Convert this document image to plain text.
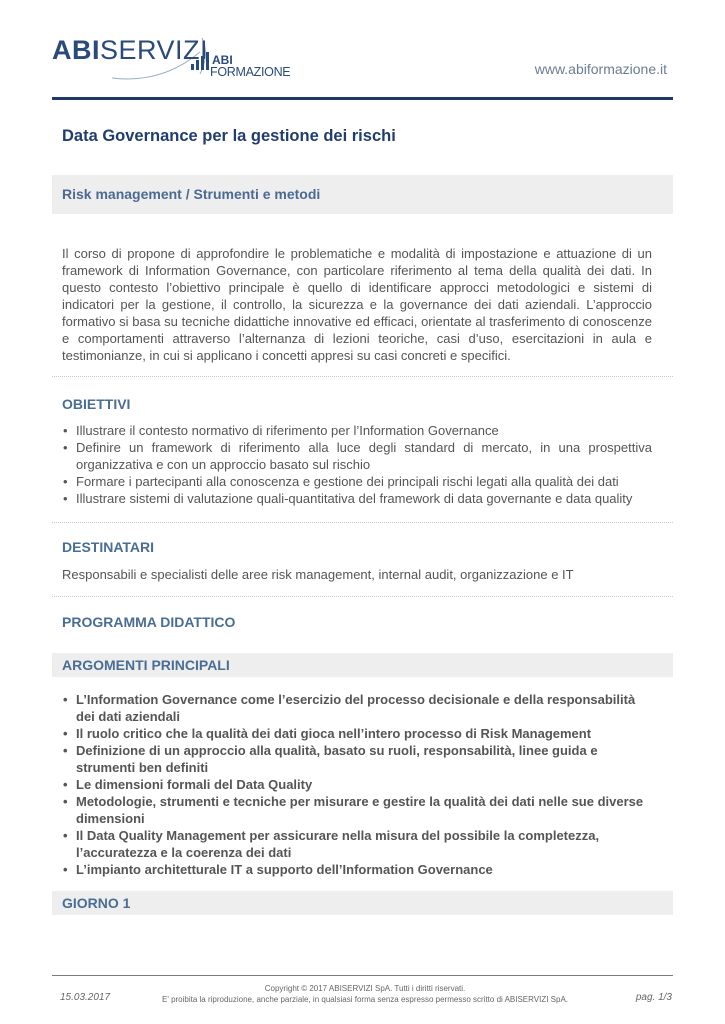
ABISERVIZI ABI
FORMAZIONE	www.abiformazione.it
Data Governance per la gestione dei rischi
Risk management / Strumenti e metodi
Il corso di propone di approfondire le problematiche e modalità di impostazione e attuazione di un framework di Information Governance, con particolare riferimento al tema della qualità dei dati. In questo contesto l’obiettivo principale è quello di identificare approcci metodologici e sistemi di indicatori per la gestione, il controllo, la sicurezza e la governance dei dati aziendali. L’approccio formativo si basa su tecniche didattiche innovative ed efficaci, orientate al trasferimento di conoscenze e comportamenti attraverso l’alternanza di lezioni teoriche, casi d’uso, esercitazioni in aula e testimonianze, in cui si applicano i concetti appresi su casi concreti e specifici.
OBIETTIVI
• Illustrare il contesto normativo di riferimento per l’Information Governance
• Definire un framework di riferimento alla luce degli standard di mercato, in una prospettiva organizzativa e con un approccio basato sul rischio
• Formare i partecipanti alla conoscenza e gestione dei principali rischi legati alla qualità dei dati
• Illustrare sistemi di valutazione quali-quantitativa del framework di data governante e data quality
DESTINATARI
Responsabili e specialisti delle aree risk management, internal audit, organizzazione e IT
PROGRAMMA DIDATTICO
ARGOMENTI PRINCIPALI
• L’Information Governance come l’esercizio del processo decisionale e della responsabilità dei dati aziendali
• Il ruolo critico che la qualità dei dati gioca nell’intero processo di Risk Management
• Definizione di un approccio alla qualità, basato su ruoli, responsabilità, linee guida e strumenti ben definiti
• Le dimensioni formali del Data Quality
• Metodologie, strumenti e tecniche per misurare e gestire la qualità dei dati nelle sue diverse dimensioni
• Il Data Quality Management per assicurare nella misura del possibile la completezza, l’accuratezza e la coerenza dei dati
• L’impianto architetturale IT a supporto dell’Information Governance
GIORNO 1
15.03.2017
Copyright © 2017 ABISERVIZI SpA. Tutti i diritti riservati.
E' proibita la riproduzione, anche parziale, in qualsiasi forma senza espresso permesso scritto di ABISERVIZI SpA.	pag. 1/3
